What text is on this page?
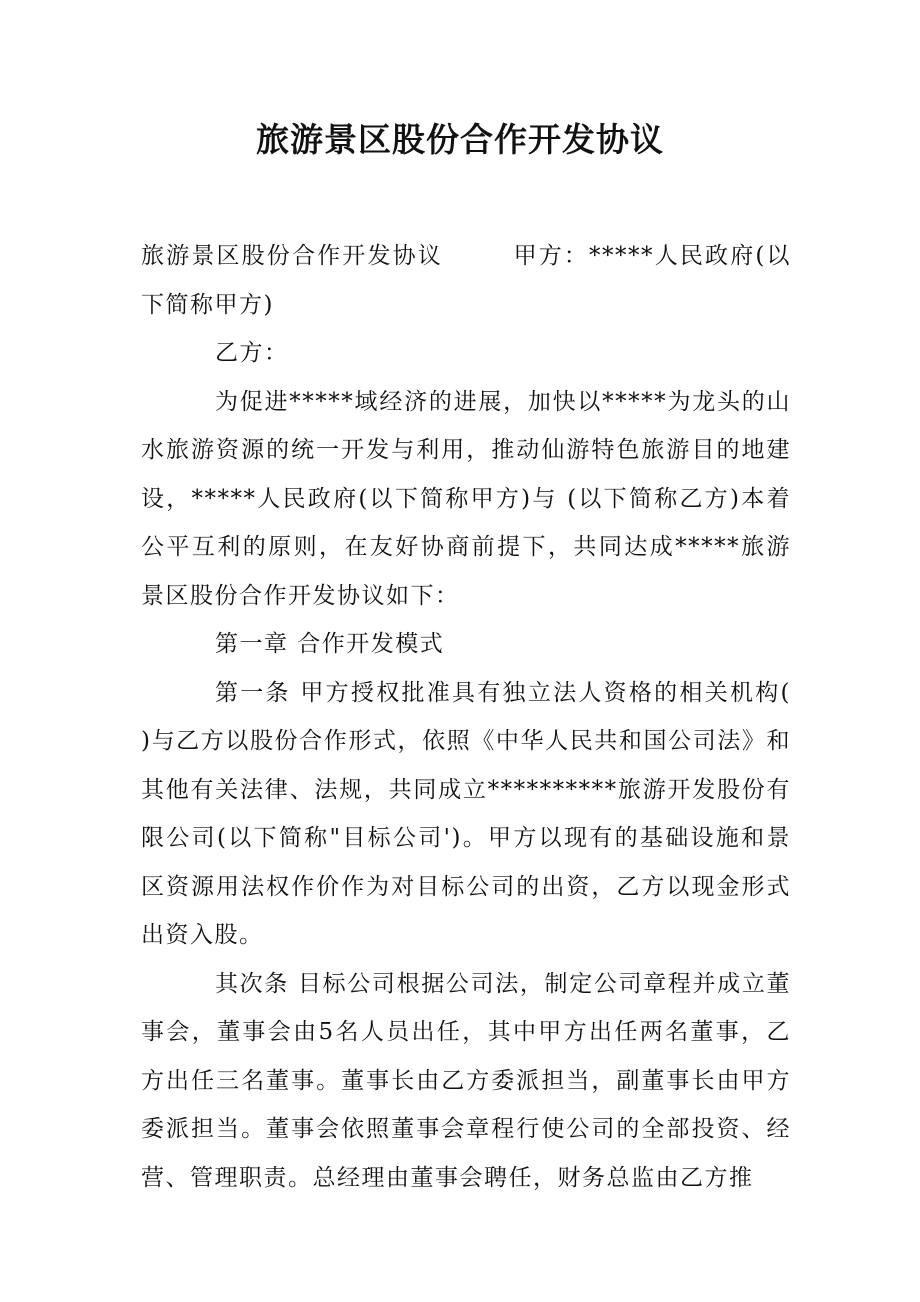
旅游景区股份合作开发协议

旅游景区股份合作开发协议	甲方：*****人民政府(以下简称甲方)

乙方：

为促进*****域经济的进展，加快以*****为龙头的山水旅游资源的统一开发与利用，推动仙游特色旅游目的地建设，*****人民政府(以下简称甲方)与 (以下简称乙方)本着公平互利的原则，在友好协商前提下，共同达成*****旅游景区股份合作开发协议如下：

第一章 合作开发模式

第一条 甲方授权批准具有独立法人资格的相关机构( )与乙方以股份合作形式，依照《中华人民共和国公司法》和其他有关法律、法规，共同成立**********旅游开发股份有限公司(以下简称"目标公司')。甲方以现有的基础设施和景区资源用法权作价作为对目标公司的出资，乙方以现金形式出资入股。

其次条 目标公司根据公司法，制定公司章程并成立董事会，董事会由5名人员出任，其中甲方出任两名董事，乙方出任三名董事。董事长由乙方委派担当，副董事长由甲方委派担当。董事会依照董事会章程行使公司的全部投资、经营、管理职责。总经理由董事会聘任，财务总监由乙方推
